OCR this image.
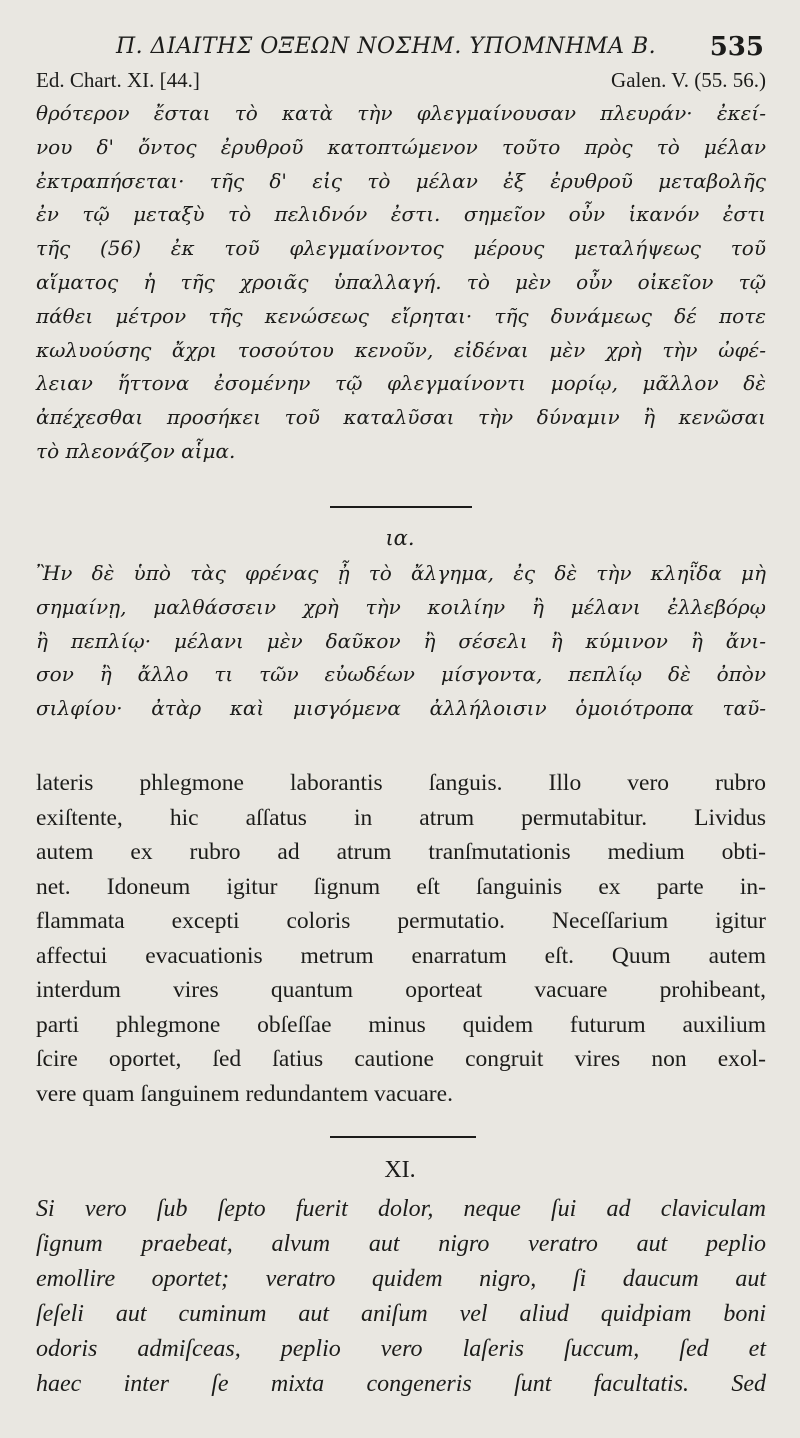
Π. ΔΙΑΙΤΗΣ ΟΞΕΩΝ ΝΟΣΗΜ. ΥΠΟΜΝΗΜΑ Β. 535
Ed. Chart. XI. [44.]	Galen. V. (55. 56.)
θρότερον ἔσται τὸ κατὰ τὴν φλεγμαίνουσαν πλευράν· ἐκεί-
νου δ' ὄντος ἐρυθροῦ κατοπτώμενον τοῦτο πρὸς τὸ μέλαν
ἐκτραπήσεται· τῆς δ' εἰς τὸ μέλαν ἐξ ἐρυθροῦ μεταβολῆς
ἐν τῷ μεταξὺ τὸ πελιδνόν ἐστι. σημεῖον οὖν ἱκανόν ἐστι
τῆς (56) ἐκ τοῦ φλεγμαίνοντος μέρους μεταλήψεως τοῦ
αἵματος ἡ τῆς χροιᾶς ὑπαλλαγή. τὸ μὲν οὖν οἰκεῖον τῷ
πάθει μέτρον τῆς κενώσεως εἴρηται· τῆς δυνάμεως δέ ποτε
κωλυούσης ἄχρι τοσούτου κενοῦν, εἰδέναι μὲν χρὴ τὴν ὠφέ-
λειαν ἥττονα ἐσομένην τῷ φλεγμαίνοντι μορίῳ, μᾶλλον δὲ
ἀπέχεσθαι προσήκει τοῦ καταλῦσαι τὴν δύναμιν ἢ κενῶσαι
τὸ πλεονάζον αἷμα.
ια.
Ἢν δὲ ὑπὸ τὰς φρένας ᾖ τὸ ἄλγημα, ἐς δὲ τὴν κληῗδα μὴ
σημαίνῃ, μαλθάσσειν χρὴ τὴν κοιλίην ἢ μέλανι ἐλλεβόρῳ
ἢ πεπλίῳ· μέλανι μὲν δαῦκον ἢ σέσελι ἢ κύμινον ἢ ἄνι-
σον ἢ ἄλλο τι τῶν εὐωδέων μίσγοντα, πεπλίῳ δὲ ὀπὸν
σιλφίου· ἀτὰρ καὶ μισγόμενα ἀλλήλοισιν ὁμοιότροπα ταῦ-
lateris phlegmone laborantis ſanguis. Illo vero rubro
exiſtente, hic aſſatus in atrum permutabitur. Lividus
autem ex rubro ad atrum tranſmutationis medium obti-
net. Idoneum igitur ſignum eſt ſanguinis ex parte in-
flammata excepti coloris permutatio. Neceſſarium igitur
affectui evacuationis metrum enarratum eſt. Quum autem
interdum vires quantum oporteat vacuare prohibeant,
parti phlegmone obſeſſae minus quidem futurum auxilium
ſcire oportet, ſed ſatius cautione congruit vires non exol-
vere quam ſanguinem redundantem vacuare.
XI.
Si vero ſub ſepto fuerit dolor, neque ſui ad claviculam
ſignum praebeat, alvum aut nigro veratro aut peplio
emollire oportet; veratro quidem nigro, ſi daucum aut
ſeſeli aut cuminum aut aniſum vel aliud quidpiam boni
odoris admiſceas, peplio vero laſeris ſuccum, ſed et
haec inter ſe mixta congeneris ſunt facultatis. Sed
